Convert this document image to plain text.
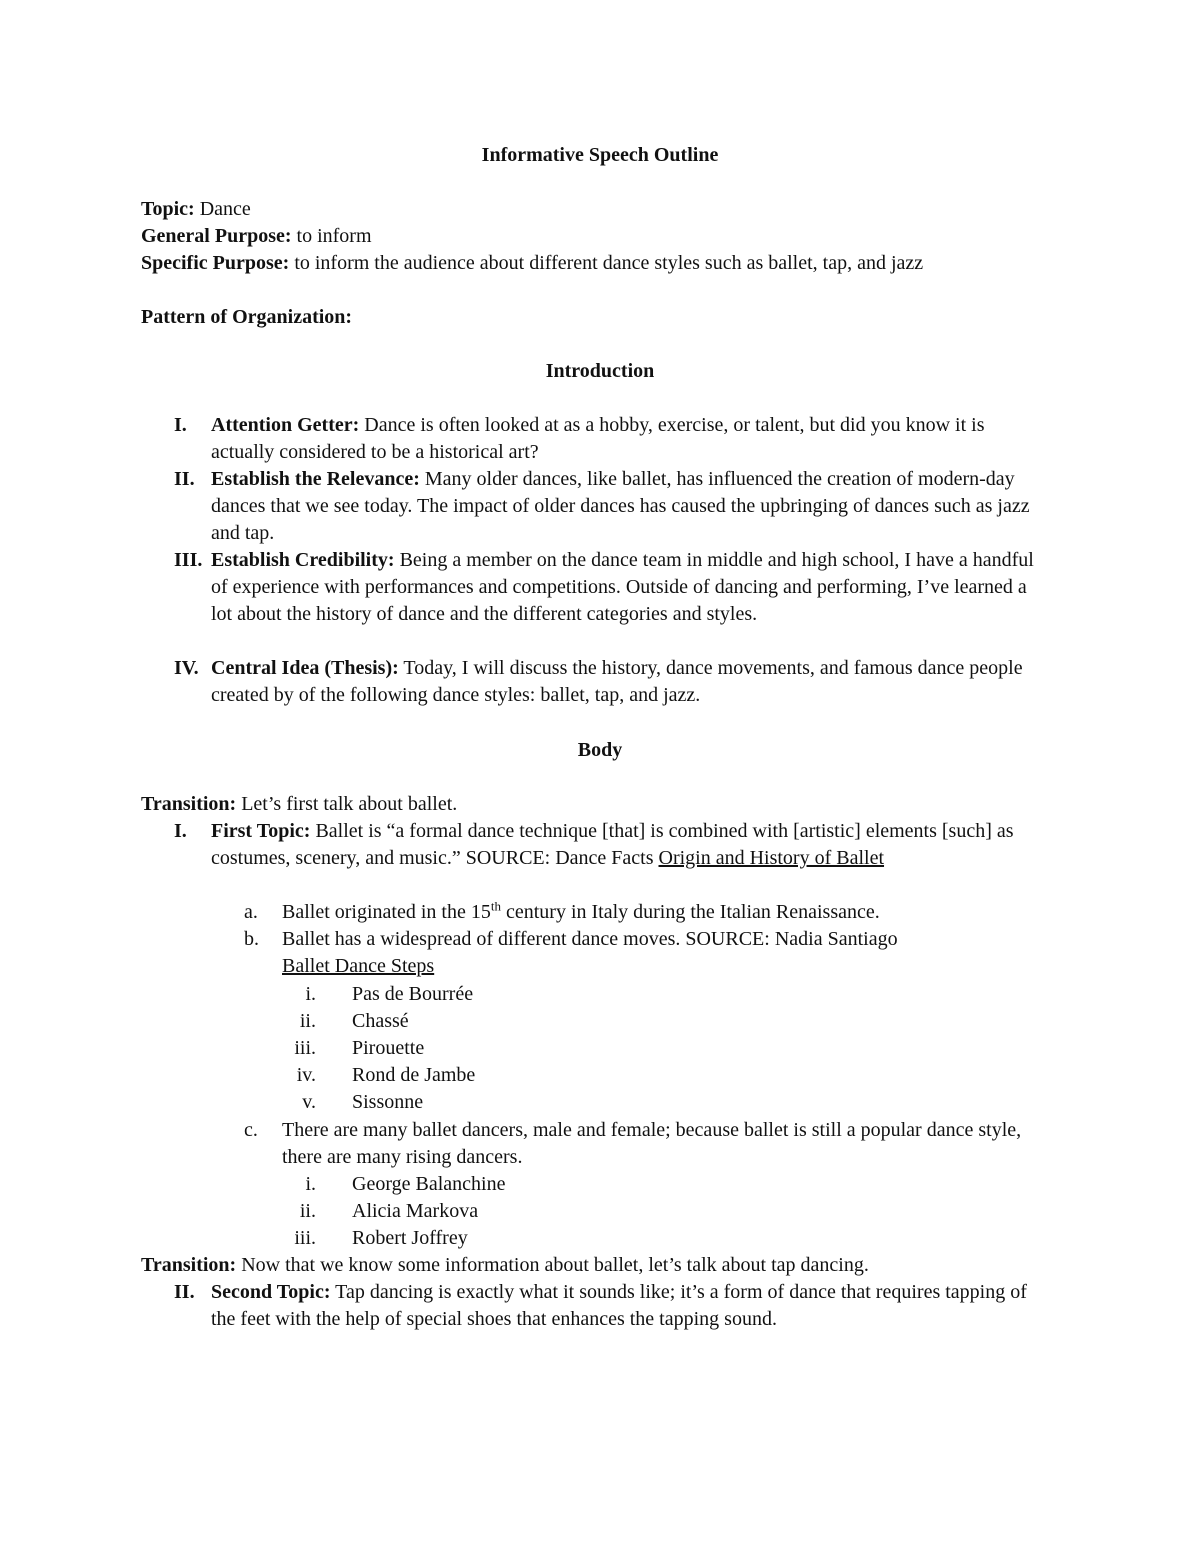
Informative Speech Outline
Topic: Dance
General Purpose: to inform
Specific Purpose: to inform the audience about different dance styles such as ballet, tap, and jazz
Pattern of Organization:
Introduction
I. Attention Getter: Dance is often looked at as a hobby, exercise, or talent, but did you know it is actually considered to be a historical art?
II. Establish the Relevance: Many older dances, like ballet, has influenced the creation of modern-day dances that we see today. The impact of older dances has caused the upbringing of dances such as jazz and tap.
III. Establish Credibility: Being a member on the dance team in middle and high school, I have a handful of experience with performances and competitions. Outside of dancing and performing, I’ve learned a lot about the history of dance and the different categories and styles.
IV. Central Idea (Thesis): Today, I will discuss the history, dance movements, and famous dance people created by of the following dance styles: ballet, tap, and jazz.
Body
Transition: Let’s first talk about ballet.
I. First Topic: Ballet is “a formal dance technique [that] is combined with [artistic] elements [such] as costumes, scenery, and music.” SOURCE: Dance Facts Origin and History of Ballet
a. Ballet originated in the 15th century in Italy during the Italian Renaissance.
b. Ballet has a widespread of different dance moves. SOURCE: Nadia Santiago
Ballet Dance Steps
i. Pas de Bourrée
ii. Chassé
iii. Pirouette
iv. Rond de Jambe
v. Sissonne
c. There are many ballet dancers, male and female; because ballet is still a popular dance style, there are many rising dancers.
i. George Balanchine
ii. Alicia Markova
iii. Robert Joffrey
Transition: Now that we know some information about ballet, let’s talk about tap dancing.
II. Second Topic: Tap dancing is exactly what it sounds like; it’s a form of dance that requires tapping of the feet with the help of special shoes that enhances the tapping sound.
